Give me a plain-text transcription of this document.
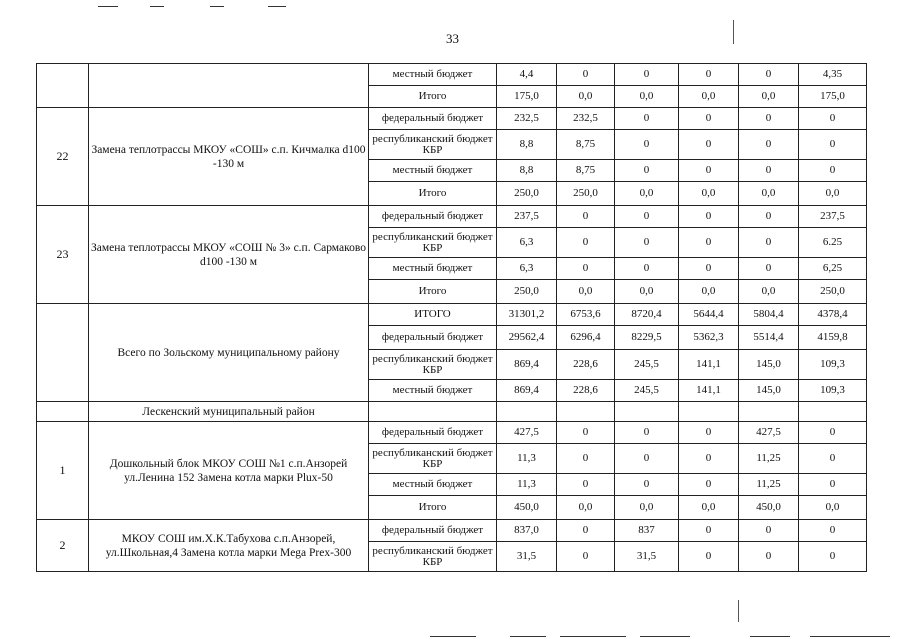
33
		местный бюджет	4,4	0	0	0	0	4,35
		Итого	175,0	0,0	0,0	0,0	0,0	175,0
22	Замена теплотрассы МКОУ «СОШ» с.п. Кичмалка d100 -130 м	федеральный бюджет	232,5	232,5	0	0	0	0
		республиканский бюджет КБР	8,8	8,75	0	0	0	0
		местный бюджет	8,8	8,75	0	0	0	0
		Итого	250,0	250,0	0,0	0,0	0,0	0,0
23	Замена теплотрассы МКОУ «СОШ № 3» с.п. Сармаково d100 -130 м	федеральный бюджет	237,5	0	0	0	0	237,5
		республиканский бюджет КБР	6,3	0	0	0	0	6.25
		местный бюджет	6,3	0	0	0	0	6,25
		Итого	250,0	0,0	0,0	0,0	0,0	250,0
	Всего по Зольскому муниципальному району	ИТОГО	31301,2	6753,6	8720,4	5644,4	5804,4	4378,4
		федеральный бюджет	29562,4	6296,4	8229,5	5362,3	5514,4	4159,8
		республиканский бюджет КБР	869,4	228,6	245,5	141,1	145,0	109,3
		местный бюджет	869,4	228,6	245,5	141,1	145,0	109,3
	Лескенский муниципальный район							
1	Дошкольный блок МКОУ СОШ №1 с.п.Анзорей ул.Ленина 152 Замена котла марки Plux-50	федеральный бюджет	427,5	0	0	0	427,5	0
		республиканский бюджет КБР	11,3	0	0	0	11,25	0
		местный бюджет	11,3	0	0	0	11,25	0
		Итого	450,0	0,0	0,0	0,0	450,0	0,0
2	МКОУ СОШ им.Х.К.Табухова с.п.Анзорей, ул.Школьная,4 Замена котла марки Mega Prex-300	федеральный бюджет	837,0	0	837	0	0	0
		республиканский бюджет КБР	31,5	0	31,5	0	0	0
